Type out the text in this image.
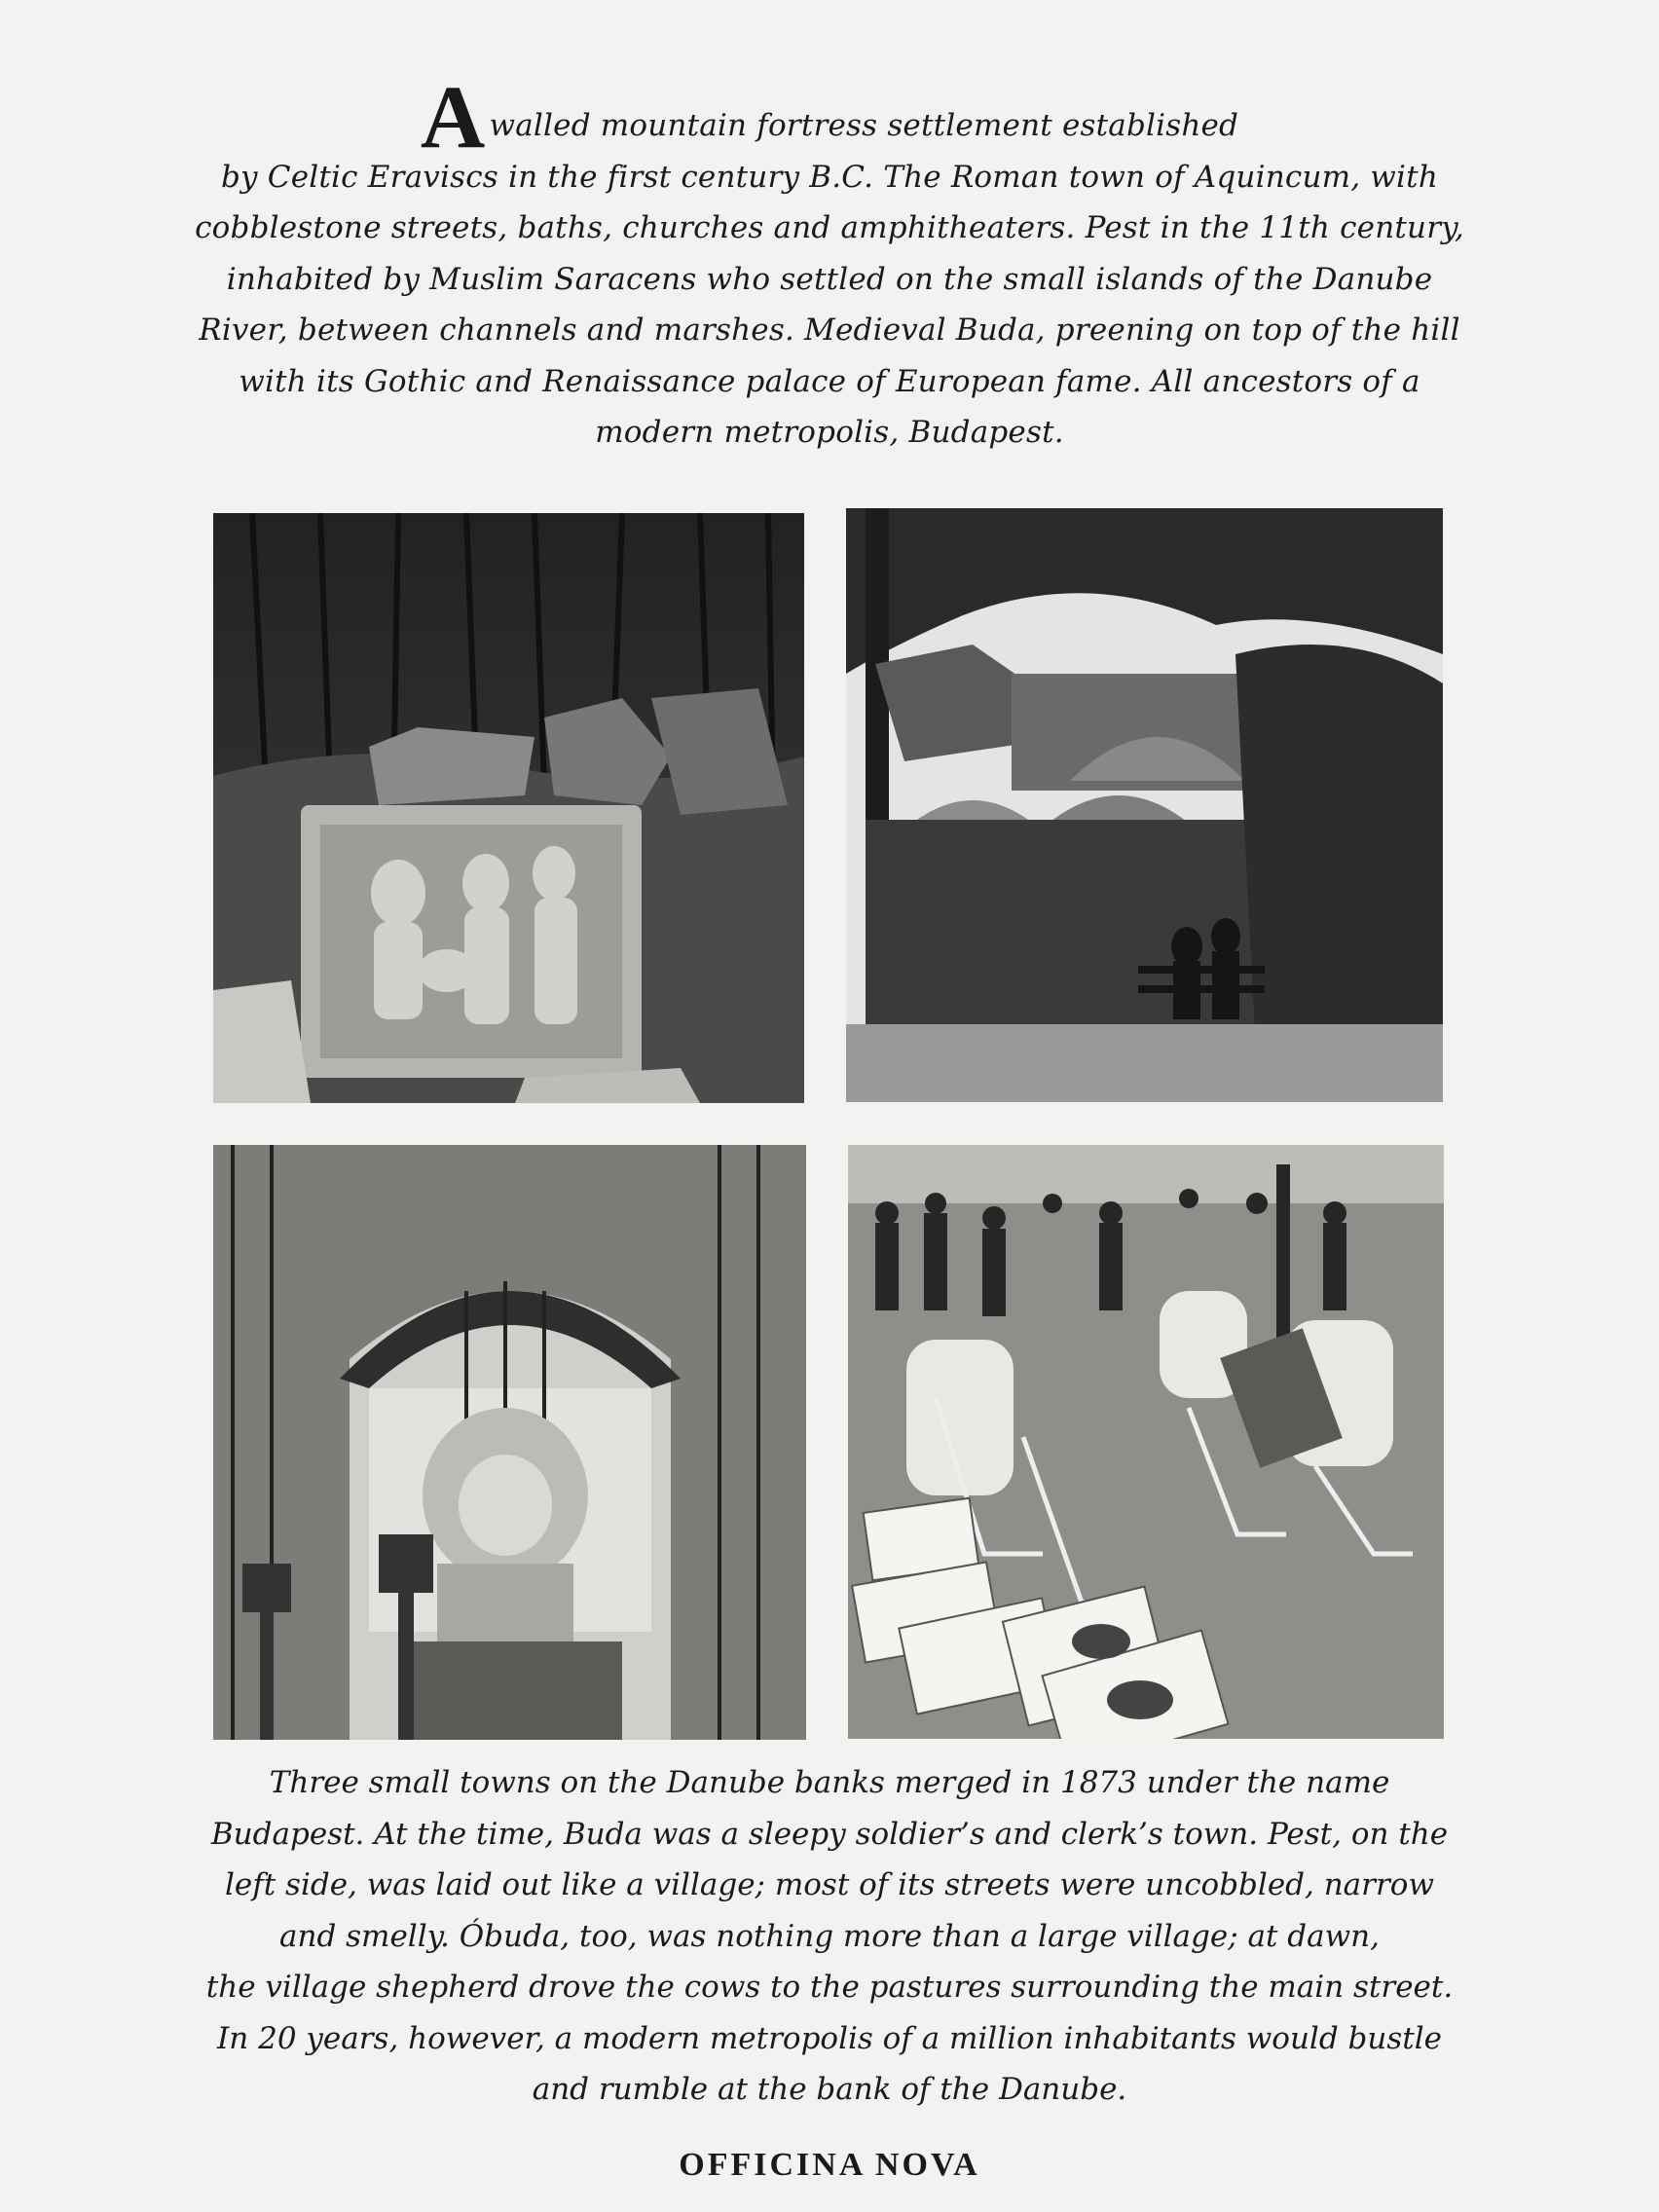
Awalled mountain fortress settlement established
by Celtic Eraviscs in the first century B.C. The Roman town of Aquincum, with
cobblestone streets, baths, churches and amphitheaters. Pest in the 11th century,
inhabited by Muslim Saracens who settled on the small islands of the Danube
River, between channels and marshes. Medieval Buda, preening on top of the hill
with its Gothic and Renaissance palace of European fame. All ancestors of a
modern metropolis, Budapest.
Three small towns on the Danube banks merged in 1873 under the name
Budapest. At the time, Buda was a sleepy soldier’s and clerk’s town. Pest, on the
left side, was laid out like a village; most of its streets were uncobbled, narrow
and smelly. Óbuda, too, was nothing more than a large village; at dawn,
the village shepherd drove the cows to the pastures surrounding the main street.
In 20 years, however, a modern metropolis of a million inhabitants would bustle
and rumble at the bank of the Danube.
OFFICINA NOVA
